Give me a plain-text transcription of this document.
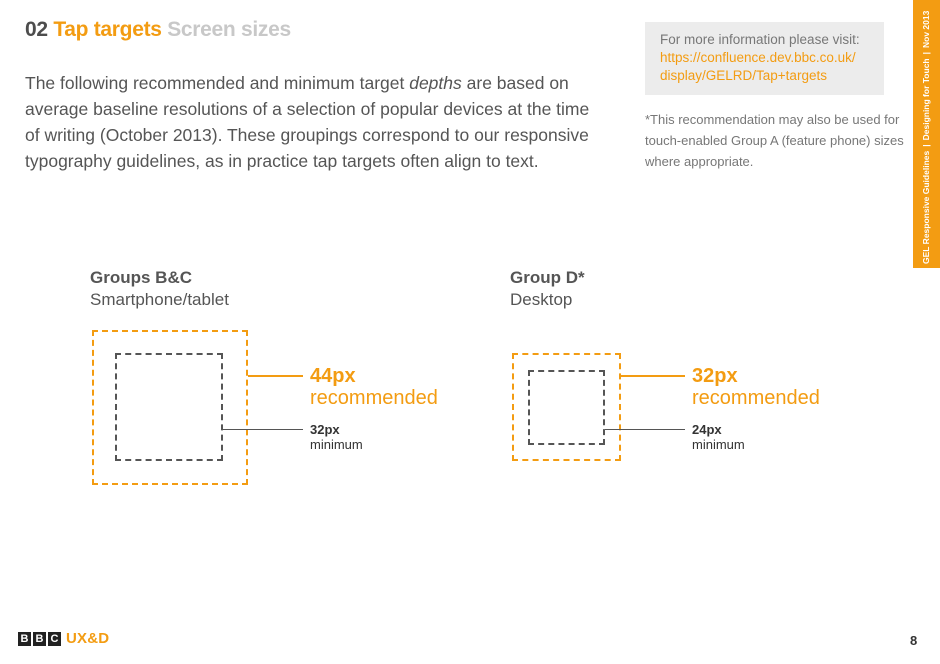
02 Tap targets Screen sizes

The following recommended and minimum target depths are based on average baseline resolutions of a selection of popular devices at the time of writing (October 2013). These groupings correspond to our responsive typography guidelines, as in practice tap targets often align to text.

For more information please visit:
https://confluence.dev.bbc.co.uk/
display/GELRD/Tap+targets

*This recommendation may also be used for touch-enabled Group A (feature phone) sizes where appropriate.	GEL Responsive Guidelines|Designing for Touch|Nov 2013
Groups B&C
Smartphone/tablet
44px
recommended
32px
minimum
Group D*
Desktop
32px
recommended
24px
minimum
B B C UX&D	8
